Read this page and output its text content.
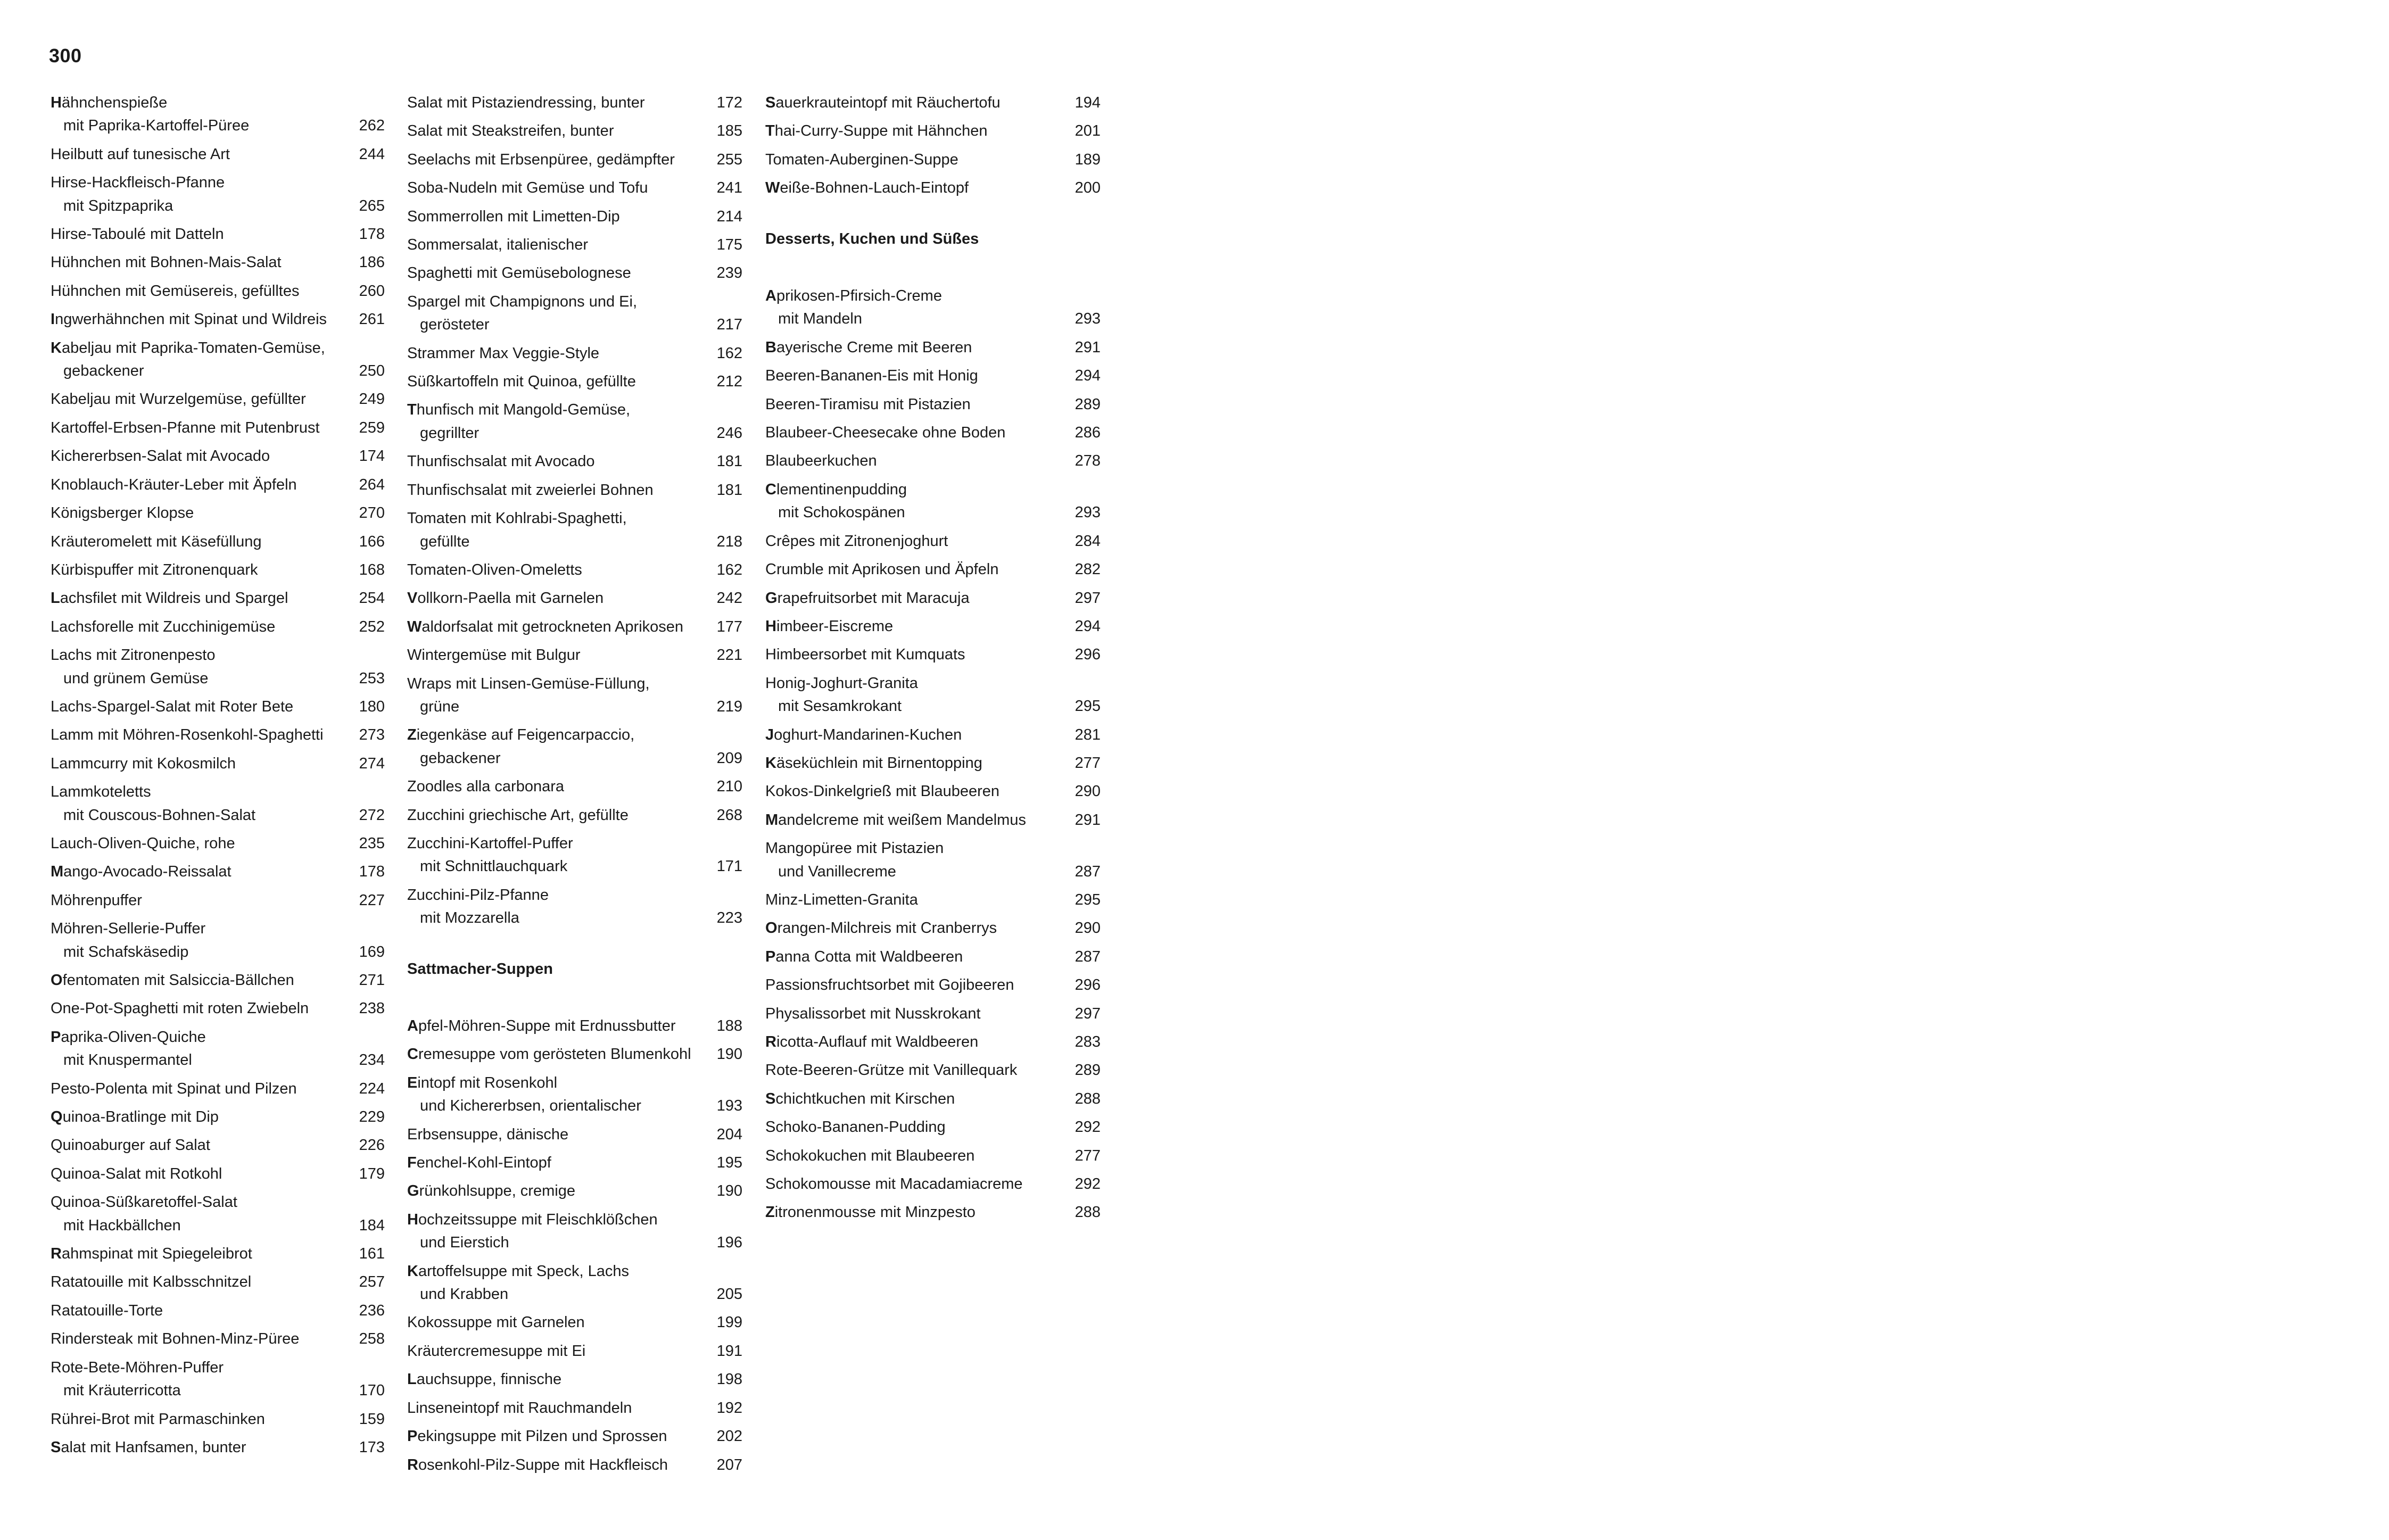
300
Hähnchenspieße
mit Paprika-Kartoffel-Püree	262
Heilbutt auf tunesische Art	244
Hirse-Hackfleisch-Pfanne
mit Spitzpaprika	265
Hirse-Taboulé mit Datteln	178
Hühnchen mit Bohnen-Mais-Salat	186
Hühnchen mit Gemüsereis, gefülltes	260
Ingwerhähnchen mit Spinat und Wildreis	261
Kabeljau mit Paprika-Tomaten-Gemüse,
gebackener	250
Kabeljau mit Wurzelgemüse, gefüllter	249
Kartoffel-Erbsen-Pfanne mit Putenbrust	259
Kichererbsen-Salat mit Avocado	174
Knoblauch-Kräuter-Leber mit Äpfeln	264
Königsberger Klopse	270
Kräuteromelett mit Käsefüllung	166
Kürbispuffer mit Zitronenquark	168
Lachsfilet mit Wildreis und Spargel	254
Lachsforelle mit Zucchinigemüse	252
Lachs mit Zitronenpesto
und grünem Gemüse	253
Lachs-Spargel-Salat mit Roter Bete	180
Lamm mit Möhren-Rosenkohl-Spaghetti	273
Lammcurry mit Kokosmilch	274
Lammkoteletts
mit Couscous-Bohnen-Salat	272
Lauch-Oliven-Quiche, rohe	235
Mango-Avocado-Reissalat	178
Möhrenpuffer	227
Möhren-Sellerie-Puffer
mit Schafskäsedip	169
Ofentomaten mit Salsiccia-Bällchen	271
One-Pot-Spaghetti mit roten Zwiebeln	238
Paprika-Oliven-Quiche
mit Knuspermantel	234
Pesto-Polenta mit Spinat und Pilzen	224
Quinoa-Bratlinge mit Dip	229
Quinoaburger auf Salat	226
Quinoa-Salat mit Rotkohl	179
Quinoa-Süßkaretoffel-Salat
mit Hackbällchen	184
Rahmspinat mit Spiegeleibrot	161
Ratatouille mit Kalbsschnitzel	257
Ratatouille-Torte	236
Rindersteak mit Bohnen-Minz-Püree	258
Rote-Bete-Möhren-Puffer
mit Kräuterricotta	170
Rührei-Brot mit Parmaschinken	159
Salat mit Hanfsamen, bunter	173
Salat mit Pistaziendressing, bunter	172
Salat mit Steakstreifen, bunter	185
Seelachs mit Erbsenpüree, gedämpfter	255
Soba-Nudeln mit Gemüse und Tofu	241
Sommerrollen mit Limetten-Dip	214
Sommersalat, italienischer	175
Spaghetti mit Gemüsebolognese	239
Spargel mit Champignons und Ei,
gerösteter	217
Strammer Max Veggie-Style	162
Süßkartoffeln mit Quinoa, gefüllte	212
Thunfisch mit Mangold-Gemüse,
gegrillter	246
Thunfischsalat mit Avocado	181
Thunfischsalat mit zweierlei Bohnen	181
Tomaten mit Kohlrabi-Spaghetti,
gefüllte	218
Tomaten-Oliven-Omeletts	162
Vollkorn-Paella mit Garnelen	242
Waldorfsalat mit getrockneten Aprikosen	177
Wintergemüse mit Bulgur	221
Wraps mit Linsen-Gemüse-Füllung,
grüne	219
Ziegenkäse auf Feigencarpaccio,
gebackener	209
Zoodles alla carbonara	210
Zucchini griechische Art, gefüllte	268
Zucchini-Kartoffel-Puffer
mit Schnittlauchquark	171
Zucchini-Pilz-Pfanne
mit Mozzarella	223
Sattmacher-Suppen
Apfel-Möhren-Suppe mit Erdnussbutter	188
Cremesuppe vom gerösteten Blumenkohl 190
Eintopf mit Rosenkohl
und Kichererbsen, orientalischer	193
Erbsensuppe, dänische	204
Fenchel-Kohl-Eintopf	195
Grünkohlsuppe, cremige	190
Hochzeitssuppe mit Fleischklößchen
und Eierstich	196
Kartoffelsuppe mit Speck, Lachs
und Krabben	205
Kokossuppe mit Garnelen	199
Kräutercremesuppe mit Ei	191
Lauchsuppe, finnische	198
Linseneintopf mit Rauchmandeln	192
Pekingsuppe mit Pilzen und Sprossen	202
Rosenkohl-Pilz-Suppe mit Hackfleisch	207
Sauerkrauteintopf mit Räuchertofu	194
Thai-Curry-Suppe mit Hähnchen	201
Tomaten-Auberginen-Suppe	189
Weiße-Bohnen-Lauch-Eintopf	200
Desserts, Kuchen und Süßes
Aprikosen-Pfirsich-Creme
mit Mandeln	293
Bayerische Creme mit Beeren	291
Beeren-Bananen-Eis mit Honig	294
Beeren-Tiramisu mit Pistazien	289
Blaubeer-Cheesecake ohne Boden	286
Blaubeerkuchen	278
Clementinenpudding
mit Schokospänen	293
Crêpes mit Zitronenjoghurt	284
Crumble mit Aprikosen und Äpfeln	282
Grapefruitsorbet mit Maracuja	297
Himbeer-Eiscreme	294
Himbeersorbet mit Kumquats	296
Honig-Joghurt-Granita
mit Sesamkrokant	295
Joghurt-Mandarinen-Kuchen	281
Käseküchlein mit Birnentopping	277
Kokos-Dinkelgrieß mit Blaubeeren	290
Mandelcreme mit weißem Mandelmus	291
Mangopüree mit Pistazien
und Vanillecreme	287
Minz-Limetten-Granita	295
Orangen-Milchreis mit Cranberrys	290
Panna Cotta mit Waldbeeren	287
Passionsfruchtsorbet mit Gojibeeren	296
Physalissorbet mit Nusskrokant	297
Ricotta-Auflauf mit Waldbeeren	283
Rote-Beeren-Grütze mit Vanillequark	289
Schichtkuchen mit Kirschen	288
Schoko-Bananen-Pudding	292
Schokokuchen mit Blaubeeren	277
Schokomousse mit Macadamiacreme	292
Zitronenmousse mit Minzpesto	288
